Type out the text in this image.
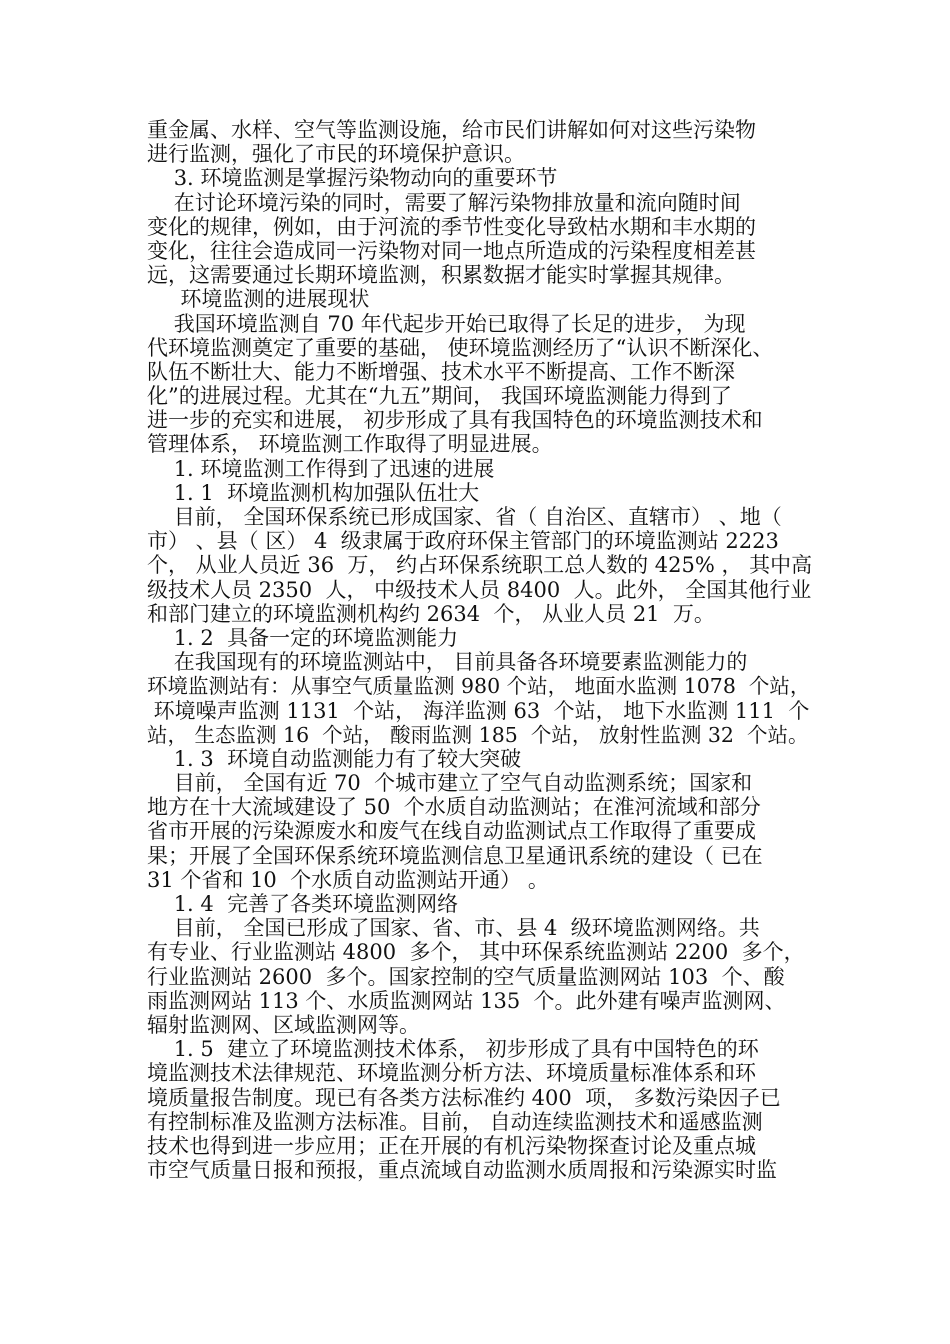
重金属、水样、空气等监测设施，给市民们讲解如何对这些污染物
进行监测，强化了市民的环境保护意识。
3. 环境监测是掌握污染物动向的重要环节
在讨论环境污染的同时，需要了解污染物排放量和流向随时间
变化的规律，例如，由于河流的季节性变化导致枯水期和丰水期的
变化，往往会造成同一污染物对同一地点所造成的污染程度相差甚
远，这需要通过长期环境监测，积累数据才能实时掌握其规律。
环境监测的进展现状
我国环境监测自 70 年代起步开始已取得了长足的进步， 为现
代环境监测奠定了重要的基础， 使环境监测经历了“认识不断深化、
队伍不断壮大、能力不断增强、技术水平不断提高、工作不断深
化”的进展过程。尤其在“九五”期间， 我国环境监测能力得到了
进一步的充实和进展， 初步形成了具有我国特色的环境监测技术和
管理体系， 环境监测工作取得了明显进展。
1. 环境监测工作得到了迅速的进展
1. 1  环境监测机构加强队伍壮大
目前， 全国环保系统已形成国家、省（ 自治区、直辖市） 、地（
市） 、县（ 区） 4  级隶属于政府环保主管部门的环境监测站 2223
个， 从业人员近 36  万， 约占环保系统职工总人数的 425% ， 其中高
级技术人员 2350  人， 中级技术人员 8400  人。此外， 全国其他行业
和部门建立的环境监测机构约 2634  个， 从业人员 21  万。
1. 2  具备一定的环境监测能力
在我国现有的环境监测站中， 目前具备各环境要素监测能力的
环境监测站有：从事空气质量监测 980 个站， 地面水监测 1078  个站，
环境噪声监测 1131  个站， 海洋监测 63  个站， 地下水监测 111  个
站， 生态监测 16  个站， 酸雨监测 185  个站， 放射性监测 32  个站。
1. 3  环境自动监测能力有了较大突破
目前， 全国有近 70  个城市建立了空气自动监测系统；国家和
地方在十大流域建设了 50  个水质自动监测站；在淮河流域和部分
省市开展的污染源废水和废气在线自动监测试点工作取得了重要成
果；开展了全国环保系统环境监测信息卫星通讯系统的建设（ 已在
31 个省和 10  个水质自动监测站开通） 。
1. 4  完善了各类环境监测网络
目前， 全国已形成了国家、省、市、县 4  级环境监测网络。共
有专业、行业监测站 4800  多个， 其中环保系统监测站 2200  多个，
行业监测站 2600  多个。国家控制的空气质量监测网站 103  个、酸
雨监测网站 113 个、水质监测网站 135  个。此外建有噪声监测网、
辐射监测网、区域监测网等。
1. 5  建立了环境监测技术体系， 初步形成了具有中国特色的环
境监测技术法律规范、环境监测分析方法、环境质量标准体系和环
境质量报告制度。现已有各类方法标准约 400  项， 多数污染因子已
有控制标准及监测方法标准。目前， 自动连续监测技术和遥感监测
技术也得到进一步应用；正在开展的有机污染物探查讨论及重点城
市空气质量日报和预报，重点流域自动监测水质周报和污染源实时监
